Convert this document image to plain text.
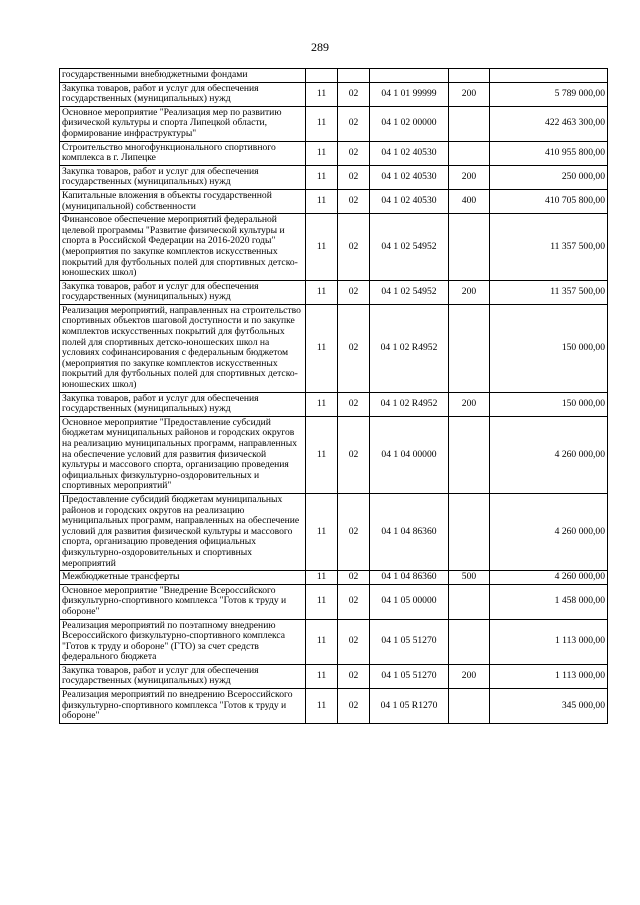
289
государственными внебюджетными фондами					
Закупка товаров, работ и услуг для обеспечения государственных (муниципальных) нужд	11	02	04 1 01 99999	200	5 789 000,00
Основное мероприятие "Реализация мер по развитию физической культуры и спорта Липецкой области, формирование инфраструктуры"	11	02	04 1 02 00000		422 463 300,00
Строительство многофункционального спортивного комплекса в г. Липецке	11	02	04 1 02 40530		410 955 800,00
Закупка товаров, работ и услуг для обеспечения государственных (муниципальных) нужд	11	02	04 1 02 40530	200	250 000,00
Капитальные вложения в объекты государственной (муниципальной) собственности	11	02	04 1 02 40530	400	410 705 800,00
Финансовое обеспечение мероприятий федеральной целевой программы "Развитие физической культуры и спорта в Российской Федерации на 2016-2020 годы" (мероприятия по закупке комплектов искусственных покрытий для футбольных полей для спортивных детско-юношеских школ)	11	02	04 1 02 54952		11 357 500,00
Закупка товаров, работ и услуг для обеспечения государственных (муниципальных) нужд	11	02	04 1 02 54952	200	11 357 500,00
Реализация мероприятий, направленных на строительство спортивных объектов шаговой доступности и по закупке комплектов искусственных покрытий для футбольных полей для спортивных детско-юношеских школ на условиях софинансирования с федеральным бюджетом (мероприятия по закупке комплектов искусственных покрытий для футбольных полей для спортивных детско-юношеских школ)	11	02	04 1 02 R4952		150 000,00
Закупка товаров, работ и услуг для обеспечения государственных (муниципальных) нужд	11	02	04 1 02 R4952	200	150 000,00
Основное мероприятие "Предоставление субсидий бюджетам муниципальных районов и городских округов на реализацию муниципальных программ, направленных на обеспечение условий для развития физической культуры и массового спорта, организацию проведения официальных физкультурно-оздоровительных и спортивных мероприятий"	11	02	04 1 04 00000		4 260 000,00
Предоставление субсидий бюджетам муниципальных районов и городских округов на реализацию муниципальных программ, направленных на обеспечение условий для развития физической культуры и массового спорта, организацию проведения официальных физкультурно-оздоровительных и спортивных мероприятий	11	02	04 1 04 86360		4 260 000,00
Межбюджетные трансферты	11	02	04 1 04 86360	500	4 260 000,00
Основное мероприятие "Внедрение Всероссийского физкультурно-спортивного комплекса "Готов к труду и обороне"	11	02	04 1 05 00000		1 458 000,00
Реализация мероприятий по поэтапному внедрению Всероссийского физкультурно-спортивного комплекса "Готов к труду и обороне" (ГТО) за счет средств федерального бюджета	11	02	04 1 05 51270		1 113 000,00
Закупка товаров, работ и услуг для обеспечения государственных (муниципальных) нужд	11	02	04 1 05 51270	200	1 113 000,00
Реализация мероприятий по внедрению Всероссийского физкультурно-спортивного комплекса "Готов к труду и обороне"	11	02	04 1 05 R1270		345 000,00
